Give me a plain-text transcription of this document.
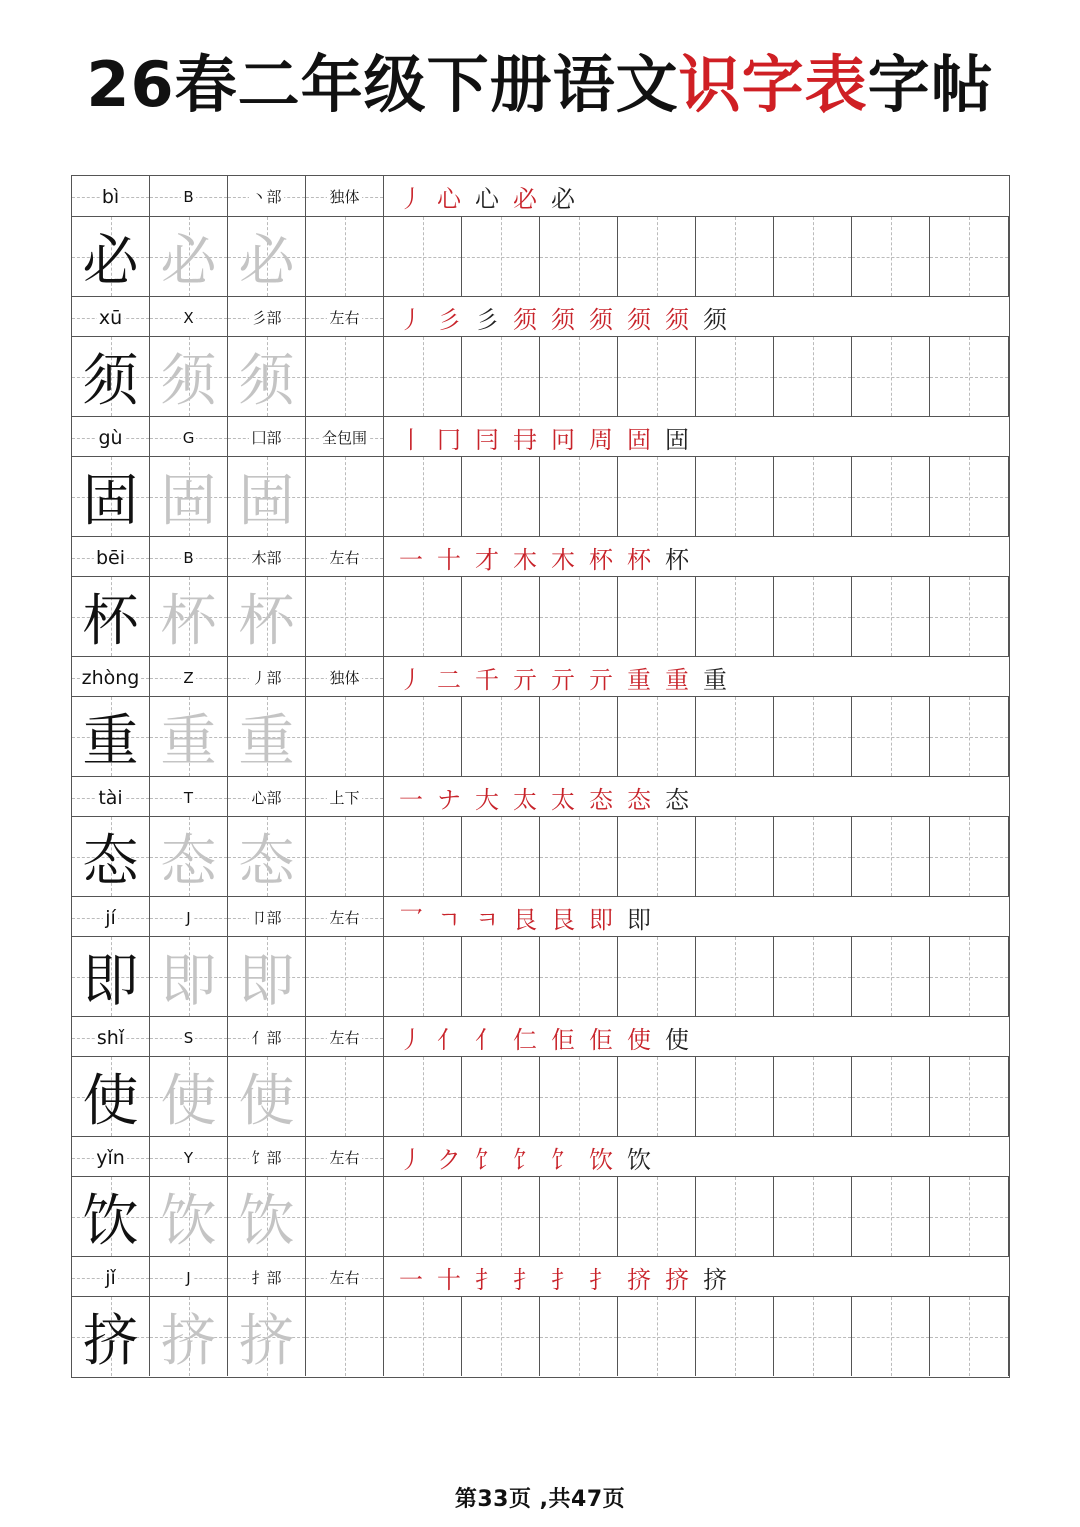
26春二年级下册语文识字表字帖
bì	B	丶部	独体 丿 心 心 必 必
必 必 必
xū	X	彡部	左右 丿 彡 彡 须 须 须 须 须 须
须 须 须
gù	G	囗部	全包围 丨 冂 冃 冄 冋 周 固 固
固 固 固
bēi	B	木部	左右 一 十 才 木 木 杯 杯 杯
杯 杯 杯
zhòng	Z	丿部	独体 丿 二 千 亓 亓 亓 重 重 重
重 重 重
tài	T	心部	上下 一 ナ 大 太 太 态 态 态
态 态 态
jí	J	卩部	左右 乛 ㄱ ㅋ 艮 艮 即 即
即 即 即
shǐ	S	亻部	左右 丿 亻 亻 仁 佢 佢 使 使
使 使 使
yǐn	Y	饣部	左右 丿 ク 饣 饣 饣 饮 饮
饮 饮 饮
jǐ	J	扌部	左右 一 十 扌 扌 扌 扌 挤 挤 挤
挤 挤 挤
第33页 ,共47页
